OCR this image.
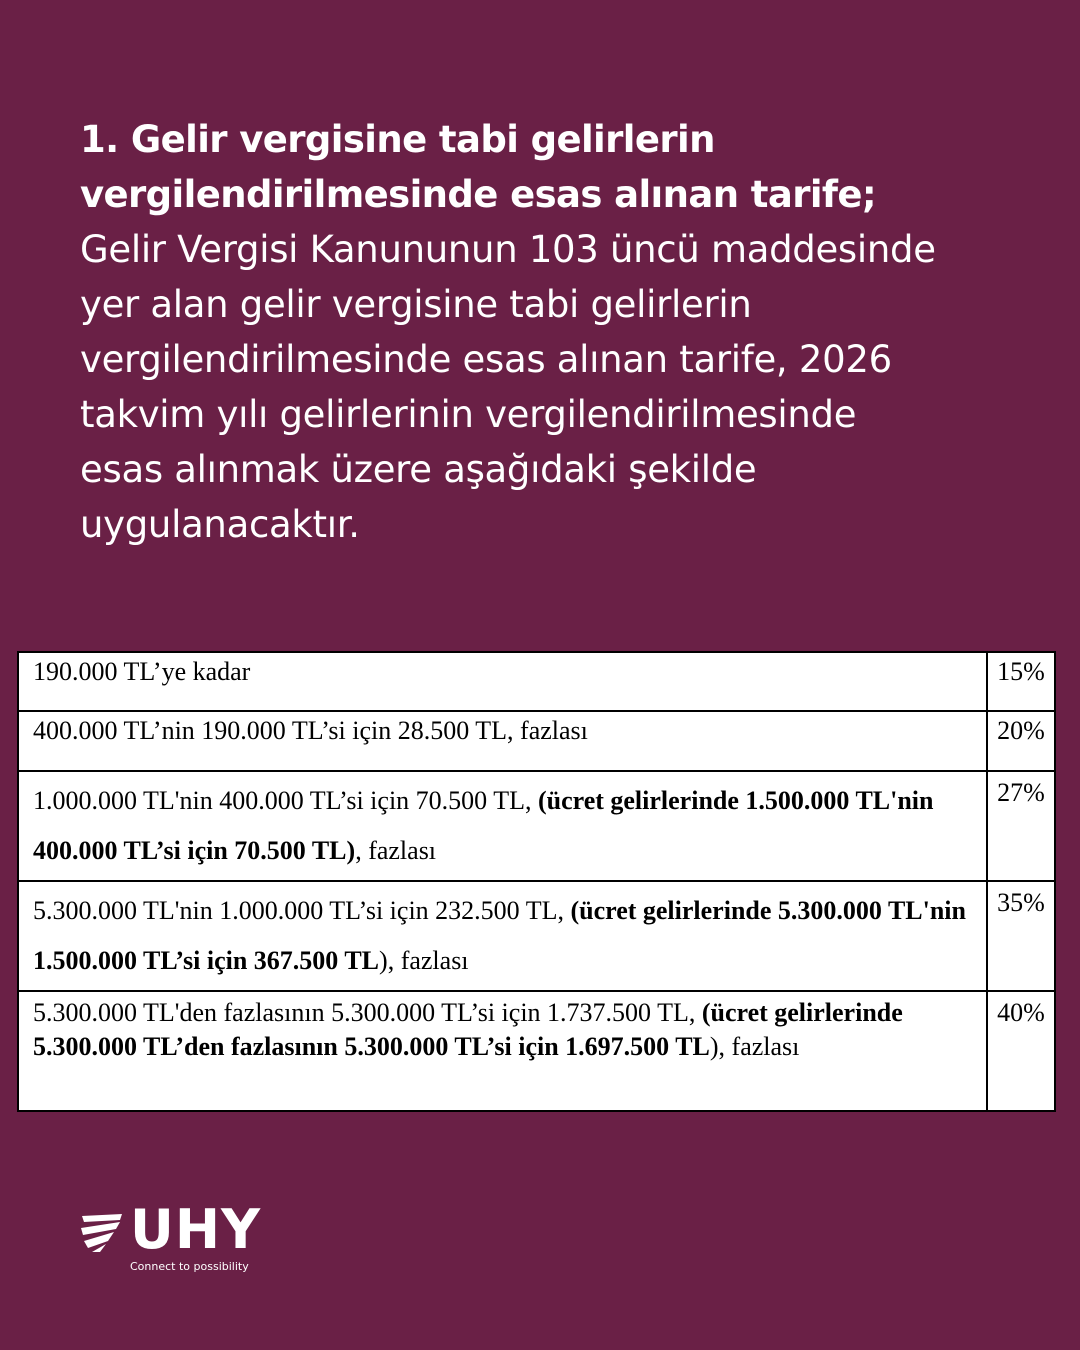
1. Gelir vergisine tabi gelirlerin
vergilendirilmesinde esas alınan tarife;

Gelir Vergisi Kanununun 103 üncü maddesinde
yer alan gelir vergisine tabi gelirlerin
vergilendirilmesinde esas alınan tarife, 2026
takvim yılı gelirlerinin vergilendirilmesinde
esas alınmak üzere aşağıdaki şekilde
uygulanacaktır.

190.000 TL’ye kadar	15%
400.000 TL’nin 190.000 TL’si için 28.500 TL, fazlası	20%
1.000.000 TL'nin 400.000 TL’si için 70.500 TL, (ücret gelirlerinde 1.500.000 TL'nin 400.000 TL’si için 70.500 TL), fazlası	27%
5.300.000 TL'nin 1.000.000 TL’si için 232.500 TL, (ücret gelirlerinde 5.300.000 TL'nin 1.500.000 TL’si için 367.500 TL), fazlası	35%
5.300.000 TL'den fazlasının 5.300.000 TL’si için 1.737.500 TL, (ücret gelirlerinde 5.300.000 TL’den fazlasının 5.300.000 TL’si için 1.697.500 TL), fazlası	40%
UHY
Connect to possibility
